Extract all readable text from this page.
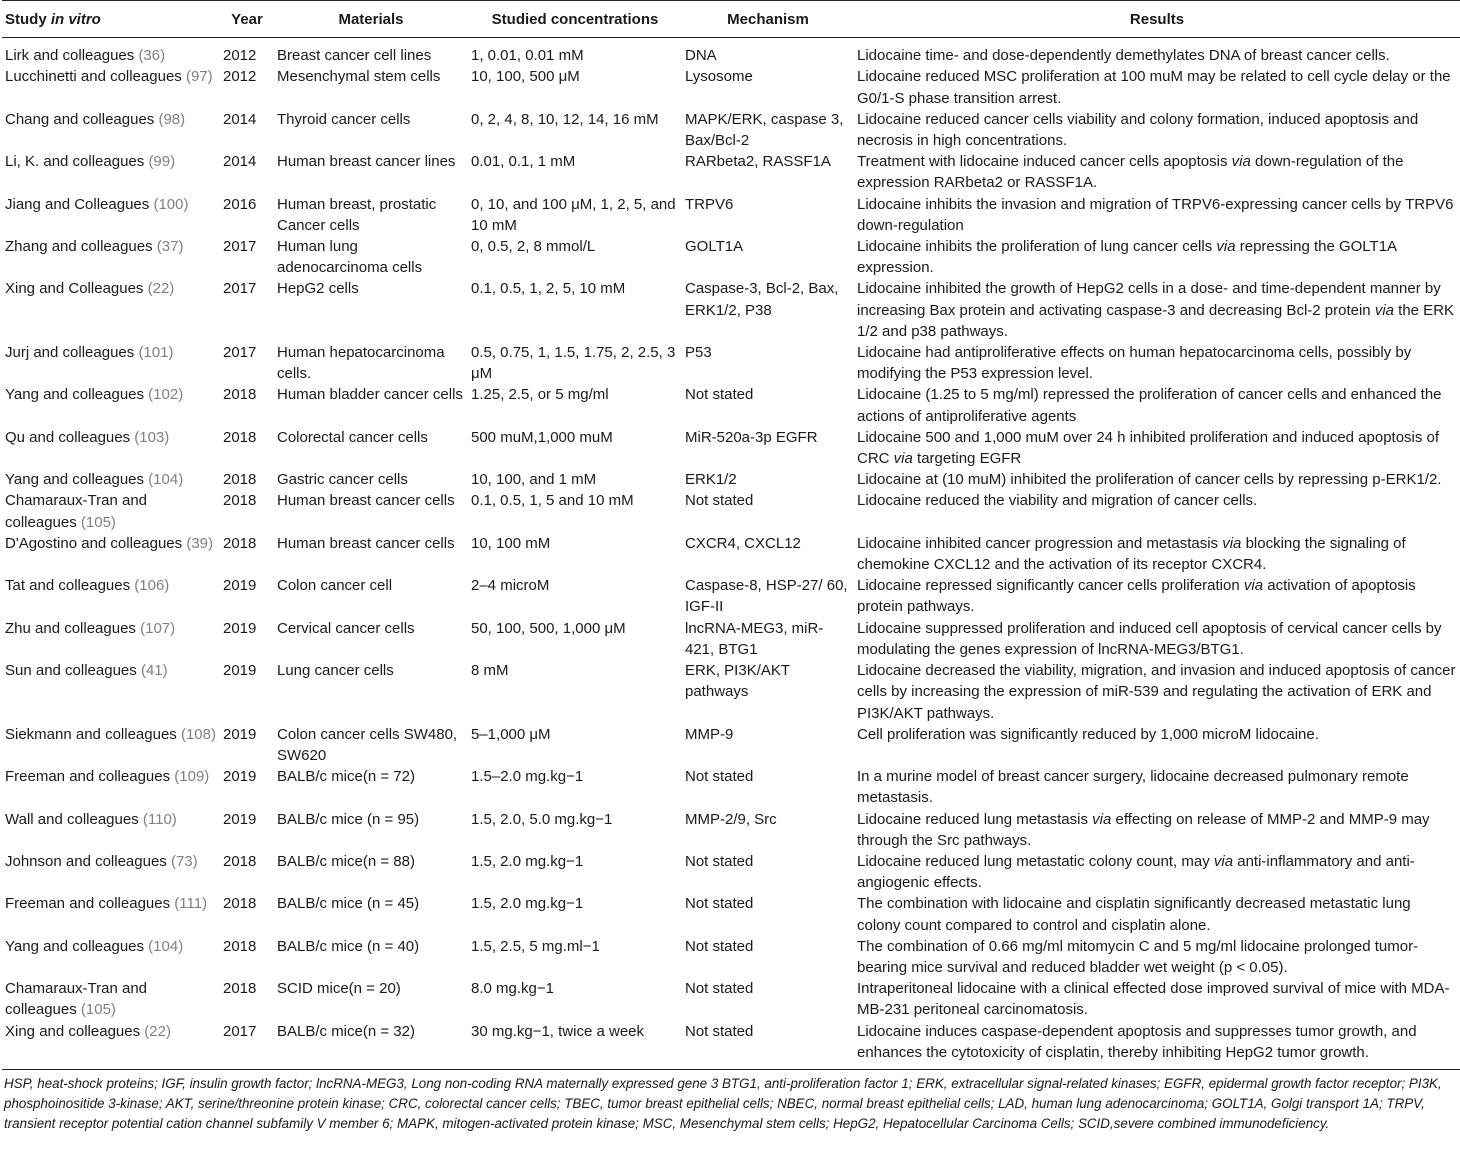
Study in vitro	Year	Materials	Studied concentrations	Mechanism	Results
Lirk and colleagues (36)	2012	Breast cancer cell lines	1, 0.01, 0.01 mM	DNA	Lidocaine time- and dose-dependently demethylates DNA of breast cancer cells.
Lucchinetti and colleagues (97)	2012	Mesenchymal stem cells	10, 100, 500 μM	Lysosome	Lidocaine reduced MSC proliferation at 100 muM may be related to cell cycle delay or the G0/1-S phase transition arrest.
Chang and colleagues (98)	2014	Thyroid cancer cells	0, 2, 4, 8, 10, 12, 14, 16 mM	MAPK/ERK, caspase 3, Bax/Bcl-2	Lidocaine reduced cancer cells viability and colony formation, induced apoptosis and necrosis in high concentrations.
Li, K. and colleagues (99)	2014	Human breast cancer lines	0.01, 0.1, 1 mM	RARbeta2, RASSF1A	Treatment with lidocaine induced cancer cells apoptosis via down-regulation of the expression RARbeta2 or RASSF1A.
Jiang and Colleagues (100)	2016	Human breast, prostatic Cancer cells	0, 10, and 100 μM, 1, 2, 5, and 10 mM	TRPV6	Lidocaine inhibits the invasion and migration of TRPV6-expressing cancer cells by TRPV6 down-regulation
Zhang and colleagues (37)	2017	Human lung adenocarcinoma cells	0, 0.5, 2, 8 mmol/L	GOLT1A	Lidocaine inhibits the proliferation of lung cancer cells via repressing the GOLT1A expression.
Xing and Colleagues (22)	2017	HepG2 cells	0.1, 0.5, 1, 2, 5, 10 mM	Caspase-3, Bcl-2, Bax, ERK1/2, P38	Lidocaine inhibited the growth of HepG2 cells in a dose- and time-dependent manner by increasing Bax protein and activating caspase-3 and decreasing Bcl-2 protein via the ERK 1/2 and p38 pathways.
Jurj and colleagues (101)	2017	Human hepatocarcinoma cells.	0.5, 0.75, 1, 1.5, 1.75, 2, 2.5, 3 μM	P53	Lidocaine had antiproliferative effects on human hepatocarcinoma cells, possibly by modifying the P53 expression level.
Yang and colleagues (102)	2018	Human bladder cancer cells	1.25, 2.5, or 5 mg/ml	Not stated	Lidocaine (1.25 to 5 mg/ml) repressed the proliferation of cancer cells and enhanced the actions of antiproliferative agents
Qu and colleagues (103)	2018	Colorectal cancer cells	500 muM,1,000 muM	MiR-520a-3p EGFR	Lidocaine 500 and 1,000 muM over 24 h inhibited proliferation and induced apoptosis of CRC via targeting EGFR
Yang and colleagues (104)	2018	Gastric cancer cells	10, 100, and 1 mM	ERK1/2	Lidocaine at (10 muM) inhibited the proliferation of cancer cells by repressing p-ERK1/2.
Chamaraux-Tran and colleagues (105)	2018	Human breast cancer cells	0.1, 0.5, 1, 5 and 10 mM	Not stated	Lidocaine reduced the viability and migration of cancer cells.
D'Agostino and colleagues (39)	2018	Human breast cancer cells	10, 100 mM	CXCR4, CXCL12	Lidocaine inhibited cancer progression and metastasis via blocking the signaling of chemokine CXCL12 and the activation of its receptor CXCR4.
Tat and colleagues (106)	2019	Colon cancer cell	2–4 microM	Caspase-8, HSP-27/ 60, IGF-II	Lidocaine repressed significantly cancer cells proliferation via activation of apoptosis protein pathways.
Zhu and colleagues (107)	2019	Cervical cancer cells	50, 100, 500, 1,000 μM	lncRNA-MEG3, miR-421, BTG1	Lidocaine suppressed proliferation and induced cell apoptosis of cervical cancer cells by modulating the genes expression of lncRNA-MEG3/BTG1.
Sun and colleagues (41)	2019	Lung cancer cells	8 mM	ERK, PI3K/AKT pathways	Lidocaine decreased the viability, migration, and invasion and induced apoptosis of cancer cells by increasing the expression of miR-539 and regulating the activation of ERK and PI3K/AKT pathways.
Siekmann and colleagues (108)	2019	Colon cancer cells SW480, SW620	5–1,000 μM	MMP-9	Cell proliferation was significantly reduced by 1,000 microM lidocaine.
Freeman and colleagues (109)	2019	BALB/c mice(n = 72)	1.5–2.0 mg.kg−1	Not stated	In a murine model of breast cancer surgery, lidocaine decreased pulmonary remote metastasis.
Wall and colleagues (110)	2019	BALB/c mice (n = 95)	1.5, 2.0, 5.0 mg.kg−1	MMP-2/9, Src	Lidocaine reduced lung metastasis via effecting on release of MMP-2 and MMP-9 may through the Src pathways.
Johnson and colleagues (73)	2018	BALB/c mice(n = 88)	1.5, 2.0 mg.kg−1	Not stated	Lidocaine reduced lung metastatic colony count, may via anti-inflammatory and anti-angiogenic effects.
Freeman and colleagues (111)	2018	BALB/c mice (n = 45)	1.5, 2.0 mg.kg−1	Not stated	The combination with lidocaine and cisplatin significantly decreased metastatic lung colony count compared to control and cisplatin alone.
Yang and colleagues (104)	2018	BALB/c mice (n = 40)	1.5, 2.5, 5 mg.ml−1	Not stated	The combination of 0.66 mg/ml mitomycin C and 5 mg/ml lidocaine prolonged tumor-bearing mice survival and reduced bladder wet weight (p < 0.05).
Chamaraux-Tran and colleagues (105)	2018	SCID mice(n = 20)	8.0 mg.kg−1	Not stated	Intraperitoneal lidocaine with a clinical effected dose improved survival of mice with MDA-MB-231 peritoneal carcinomatosis.
Xing and colleagues (22)	2017	BALB/c mice(n = 32)	30 mg.kg−1, twice a week	Not stated	Lidocaine induces caspase-dependent apoptosis and suppresses tumor growth, and enhances the cytotoxicity of cisplatin, thereby inhibiting HepG2 tumor growth.
HSP, heat-shock proteins; IGF, insulin growth factor; lncRNA-MEG3, Long non-coding RNA maternally expressed gene 3 BTG1, anti-proliferation factor 1; ERK, extracellular signal-related kinases; EGFR, epidermal growth factor receptor; PI3K, phosphoinositide 3-kinase; AKT, serine/threonine protein kinase; CRC, colorectal cancer cells; TBEC, tumor breast epithelial cells; NBEC, normal breast epithelial cells; LAD, human lung adenocarcinoma; GOLT1A, Golgi transport 1A; TRPV, transient receptor potential cation channel subfamily V member 6; MAPK, mitogen-activated protein kinase; MSC, Mesenchymal stem cells; HepG2, Hepatocellular Carcinoma Cells; SCID,severe combined immunodeficiency.
